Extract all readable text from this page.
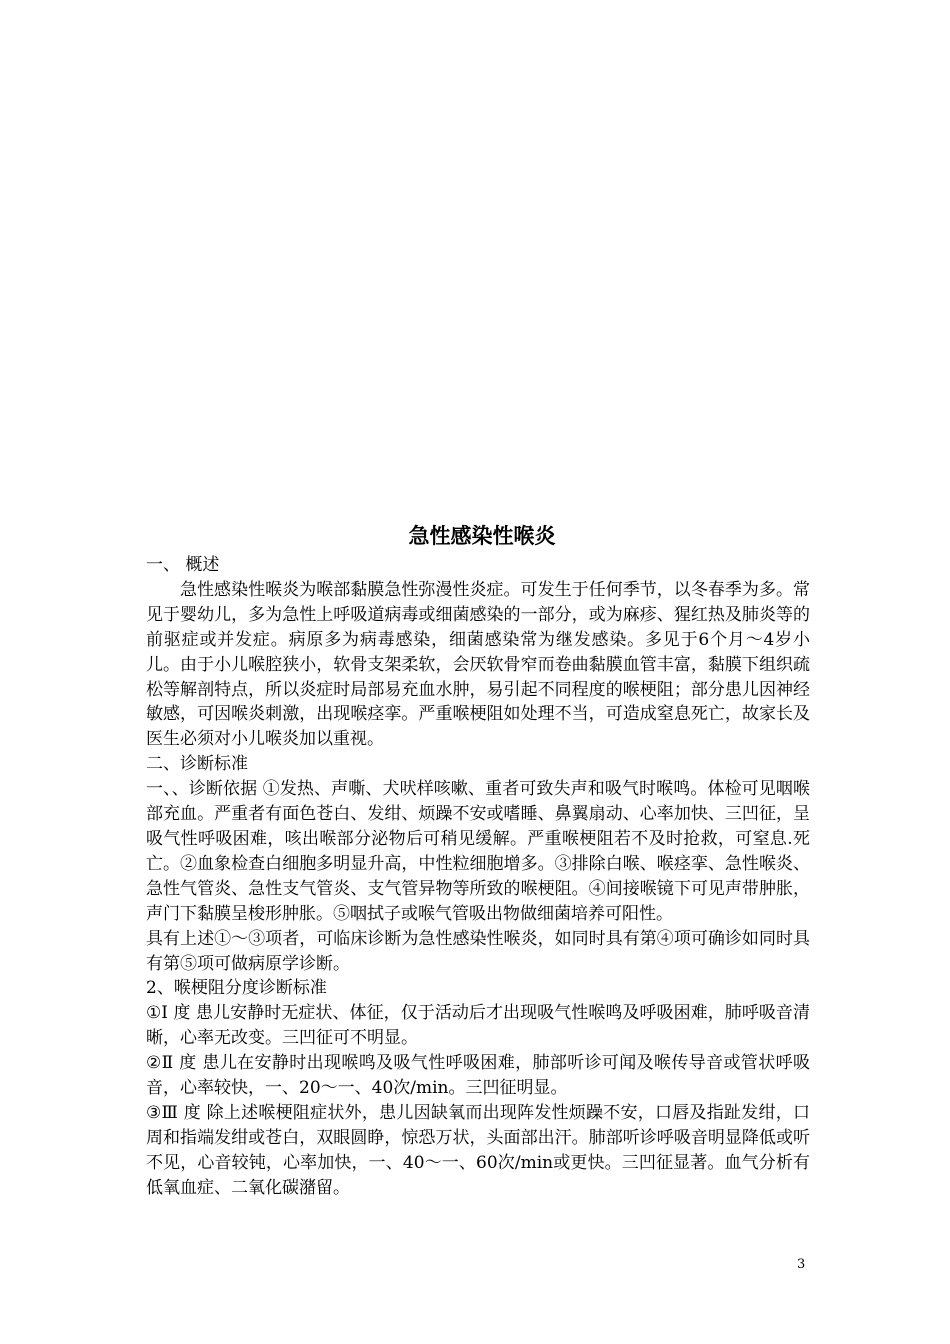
急性感染性喉炎

一、 概述

急性感染性喉炎为喉部黏膜急性弥漫性炎症。可发生于任何季节，以冬春季为多。常见于婴幼儿，多为急性上呼吸道病毒或细菌感染的一部分，或为麻疹、猩红热及肺炎等的前驱症或并发症。病原多为病毒感染，细菌感染常为继发感染。多见于6个月～4岁小儿。由于小儿喉腔狭小，软骨支架柔软，会厌软骨窄而卷曲黏膜血管丰富，黏膜下组织疏松等解剖特点，所以炎症时局部易充血水肿，易引起不同程度的喉梗阻；部分患儿因神经敏感，可因喉炎刺激，出现喉痉挛。严重喉梗阻如处理不当，可造成窒息死亡，故家长及医生必须对小儿喉炎加以重视。

二、诊断标准

一、、诊断依据 ①发热、声嘶、犬吠样咳嗽、重者可致失声和吸气时喉鸣。体检可见咽喉部充血。严重者有面色苍白、发绀、烦躁不安或嗜睡、鼻翼扇动、心率加快、三凹征，呈吸气性呼吸困难，咳出喉部分泌物后可稍见缓解。严重喉梗阻若不及时抢救，可窒息.死亡。②血象检查白细胞多明显升高，中性粒细胞增多。③排除白喉、喉痉挛、急性喉炎、急性气管炎、急性支气管炎、支气管异物等所致的喉梗阻。④间接喉镜下可见声带肿胀，声门下黏膜呈梭形肿胀。⑤咽拭子或喉气管吸出物做细菌培养可阳性。

具有上述①～③项者，可临床诊断为急性感染性喉炎，如同时具有第④项可确诊如同时具有第⑤项可做病原学诊断。

2、喉梗阻分度诊断标准

①Ⅰ 度 患儿安静时无症状、体征，仅于活动后才出现吸气性喉鸣及呼吸困难，肺呼吸音清晰，心率无改变。三凹征可不明显。

②Ⅱ 度 患儿在安静时出现喉鸣及吸气性呼吸困难，肺部听诊可闻及喉传导音或管状呼吸音，心率较快，一、20～一、40次/min。三凹征明显。

③Ⅲ 度 除上述喉梗阻症状外，患儿因缺氧而出现阵发性烦躁不安，口唇及指趾发绀，口周和指端发绀或苍白，双眼圆睁，惊恐万状，头面部出汗。肺部听诊呼吸音明显降低或听不见，心音较钝，心率加快，一、40～一、60次/min或更快。三凹征显著。血气分析有低氧血症、二氧化碳潴留。

3
